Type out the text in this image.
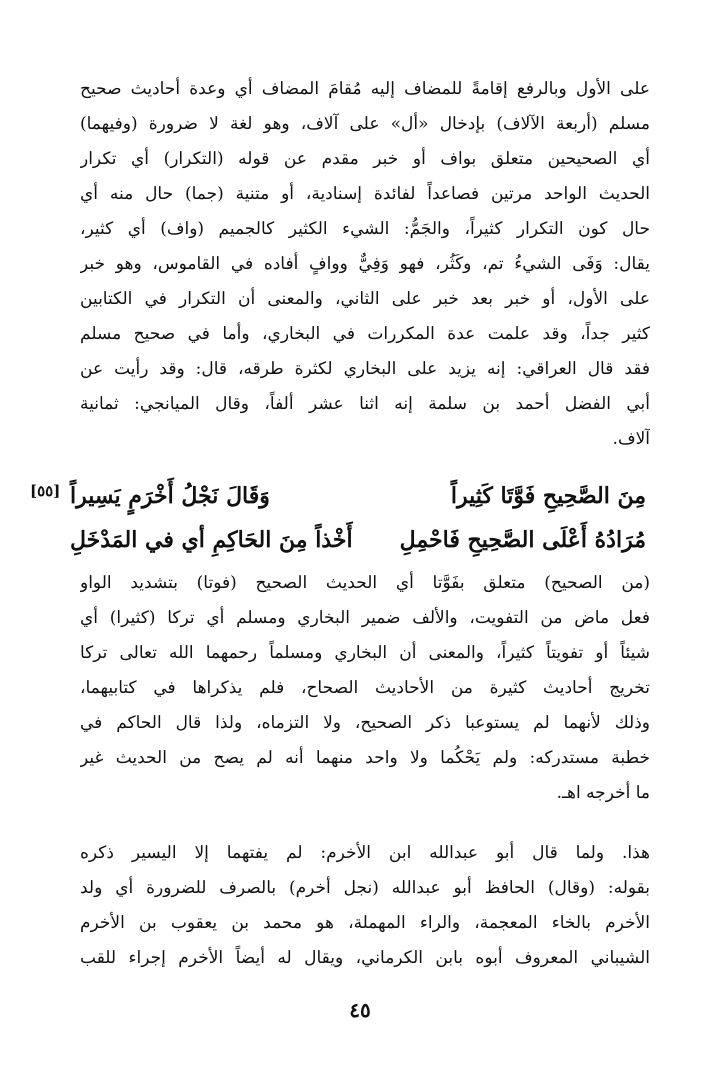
على الأول وبالرفع إقامةً للمضاف إليه مُقامَ المضاف أي وعدة أحاديث صحيح
مسلم (أربعة الآلاف) بإدخال «أل» على آلاف، وهو لغة لا ضرورة (وفيهما)
أي الصحيحين متعلق بواف أو خبر مقدم عن قوله (التكرار) أي تكرار
الحديث الواحد مرتين فصاعداً لفائدة إسنادية، أو متنية (جما) حال منه أي
حال كون التكرار كثيراً، والجَمُّ: الشيء الكثير كالجميم (واف) أي كثير،
يقال: وَفَى الشيءُ تم، وكَثُر، فهو وَفِيٌّ ووافٍ أفاده في القاموس، وهو خبر
على الأول، أو خبر بعد خبر على الثاني، والمعنى أن التكرار في الكتابين
كثير جداً، وقد علمت عدة المكررات في البخاري، وأما في صحيح مسلم
فقد قال العراقي: إنه يزيد على البخاري لكثرة طرقه، قال: وقد رأيت عن
أبي الفضل أحمد بن سلمة إنه اثنا عشر ألفاً، وقال الميانجي: ثمانية
آلاف.
[٥٥]	مِنَ الصَّحِيحِ فَوَّتَا كَثِيراً
وَقَالَ نَجْلُ أَخْرَمٍ يَسِيراً
مُرَادُهُ أَعْلَى الصَّحِيحِ فَاحْمِلِ
أَخْذاً مِنَ الحَاكِمِ أي في المَدْخَلِ
(من الصحيح) متعلق بفَوَّتا أي الحديث الصحيح (فوتا) بتشديد الواو
فعل ماض من التفويت، والألف ضمير البخاري ومسلم أي تركا (كثيرا) أي
شيئاً أو تفويتاً كثيراً، والمعنى أن البخاري ومسلماً رحمهما الله تعالى تركا
تخريج أحاديث كثيرة من الأحاديث الصحاح، فلم يذكراها في كتابيهما،
وذلك لأنهما لم يستوعبا ذكر الصحيح، ولا التزماه، ولذا قال الحاكم في
خطبة مستدركه: ولم يَحْكُما ولا واحد منهما أنه لم يصح من الحديث غير
ما أخرجه اهـ.
هذا. ولما قال أبو عبدالله ابن الأخرم: لم يفتهما إلا اليسير ذكره
بقوله: (وقال) الحافظ أبو عبدالله (نجل أخرم) بالصرف للضرورة أي ولد
الأخرم بالخاء المعجمة، والراء المهملة، هو محمد بن يعقوب بن الأخرم
الشيباني المعروف أبوه بابن الكرماني، ويقال له أيضاً الأخرم إجراء للقب
٤٥
